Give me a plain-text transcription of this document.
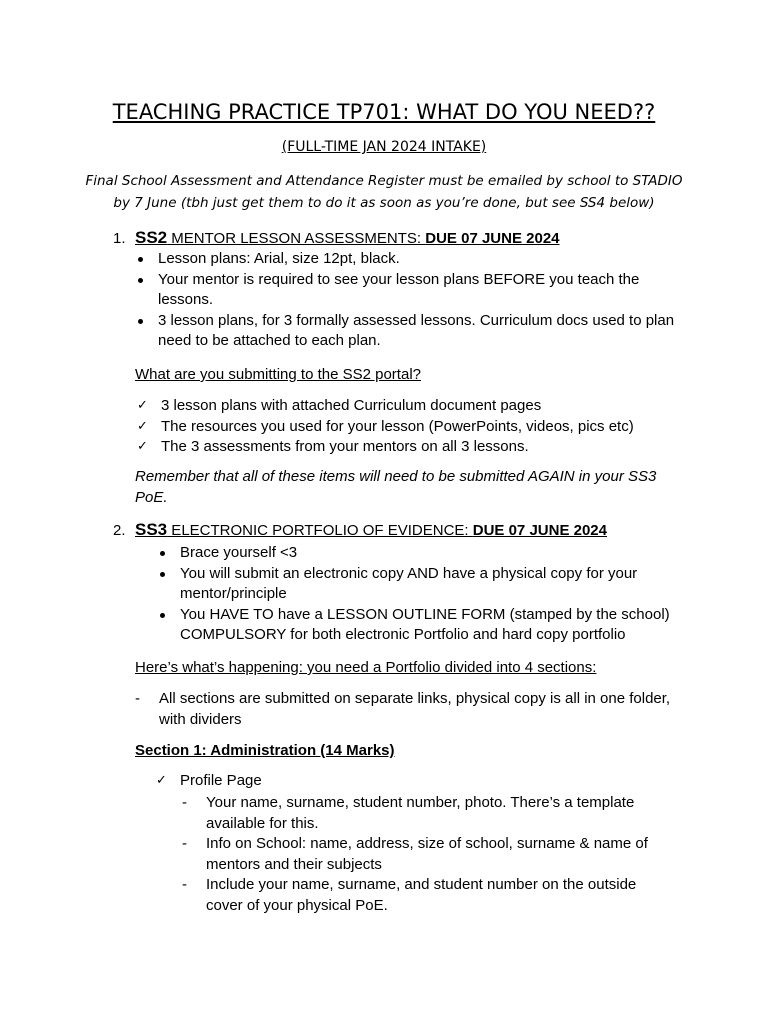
TEACHING PRACTICE TP701: WHAT DO YOU NEED??
(FULL-TIME JAN 2024 INTAKE)
Final School Assessment and Attendance Register must be emailed by school to STADIO by 7 June (tbh just get them to do it as soon as you’re done, but see SS4 below)
1. SS2 MENTOR LESSON ASSESSMENTS: DUE 07 JUNE 2024
Lesson plans: Arial, size 12pt, black.
Your mentor is required to see your lesson plans BEFORE you teach the lessons.
3 lesson plans, for 3 formally assessed lessons. Curriculum docs used to plan need to be attached to each plan.
What are you submitting to the SS2 portal?
✓ 3 lesson plans with attached Curriculum document pages
✓ The resources you used for your lesson (PowerPoints, videos, pics etc)
✓ The 3 assessments from your mentors on all 3 lessons.
Remember that all of these items will need to be submitted AGAIN in your SS3 PoE.
2. SS3 ELECTRONIC PORTFOLIO OF EVIDENCE: DUE 07 JUNE 2024
Brace yourself <3
You will submit an electronic copy AND have a physical copy for your mentor/principle
You HAVE TO have a LESSON OUTLINE FORM (stamped by the school) COMPULSORY for both electronic Portfolio and hard copy portfolio
Here’s what’s happening: you need a Portfolio divided into 4 sections:
- All sections are submitted on separate links, physical copy is all in one folder, with dividers
Section 1: Administration (14 Marks)
✓ Profile Page
- Your name, surname, student number, photo. There’s a template available for this.
- Info on School: name, address, size of school, surname & name of mentors and their subjects
- Include your name, surname, and student number on the outside cover of your physical PoE.
